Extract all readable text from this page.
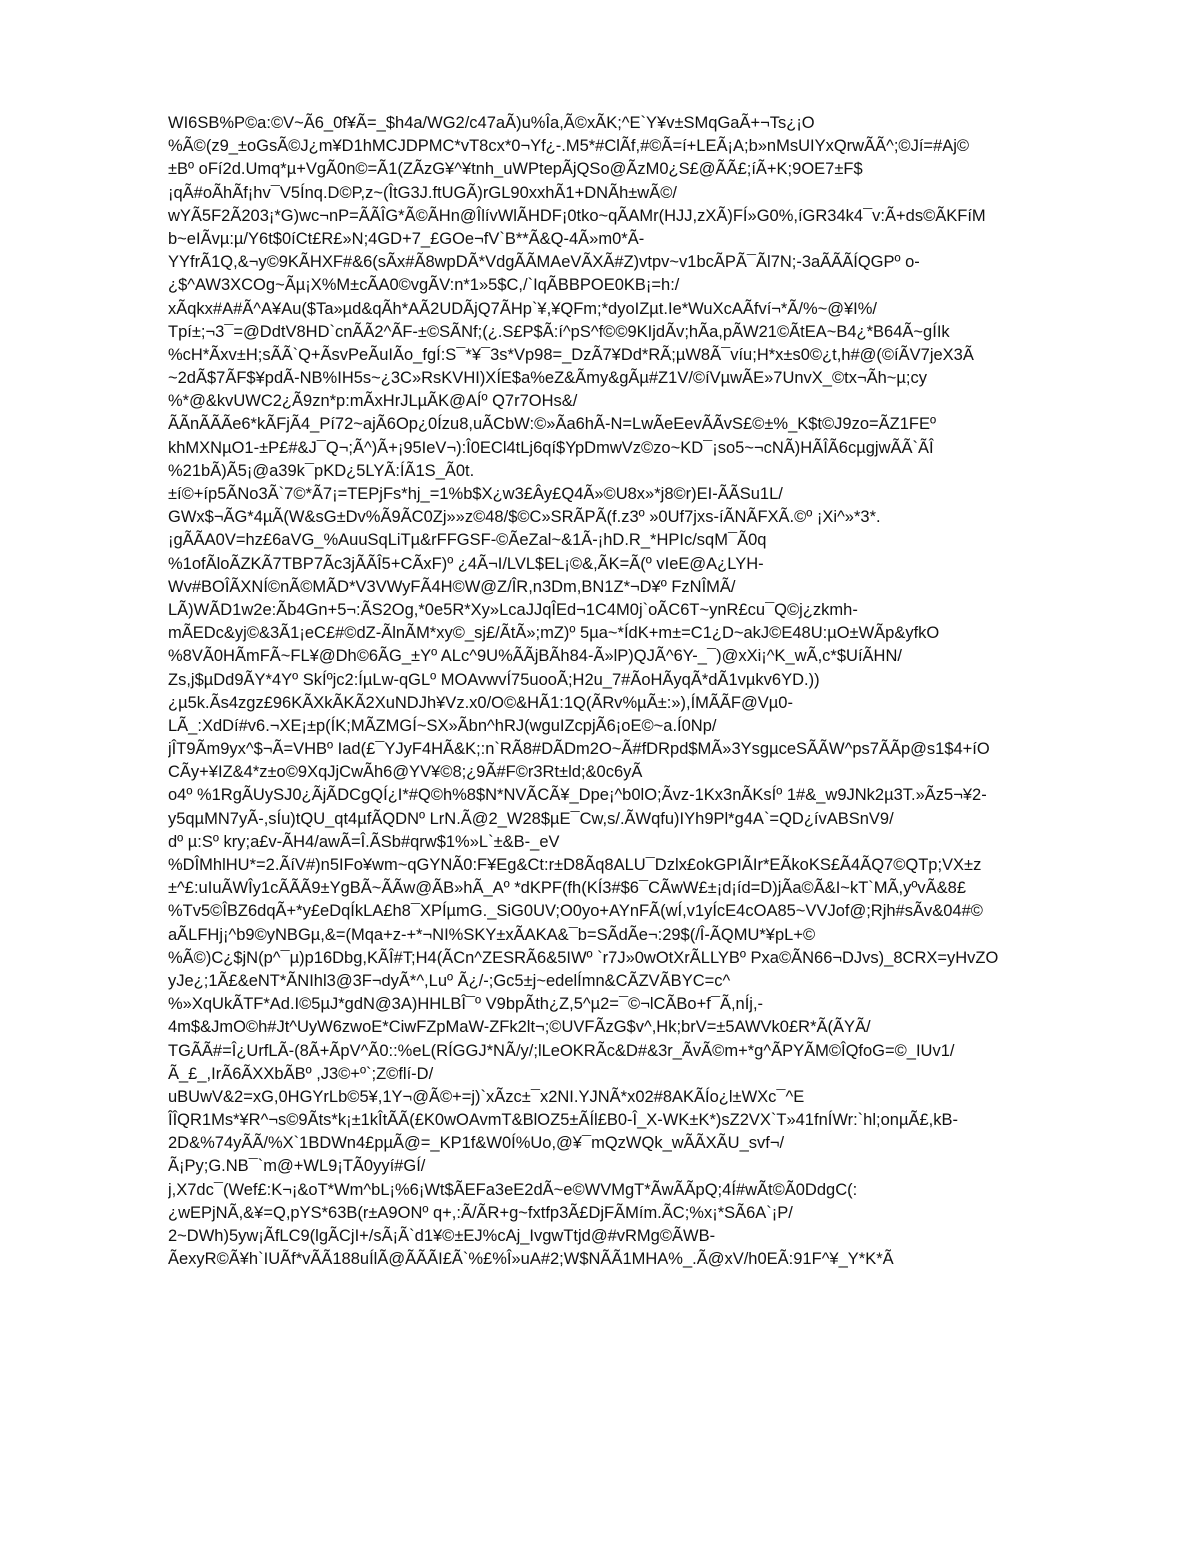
WI6SB%P©a:©V~Ã6_0f¥Ã=_$h4a/WG2/c47aÃ)u%Îa,Ã©xÃK;^E`Y¥v±SMqGaÃ+¬Ts¿¡O
%Ã©(z9_±oGsÃ©J¿m¥D1hMCJDPMC*vT8cx*0¬Yf¿-.M5*#ClÃf,#©Ã=í+LEÃ¡A;b»nMsUIYxQrwÃÃ^;©Jí=#Aj©
±Bº oFí2d.Umq*µ+VgÃ0n©=Ã1(ZÃzG¥^¥tnh_uWPtepÃjQSo@ÃzM0¿S£@ÃÃ£;íÃ+K;9OE7±F$
¡qÃ#oÃhÃf¡hv¯V5Ínq.D©P,z~(ÎtG3J.ftUGÃ)rGL90xxhÃ1+DNÃh±wÃ©/
wYÃ5F2Ã203¡*G)wc¬nP=ÃÃÎG*Ã©ÃHn@ÎlívWlÃHDF¡0tko~qÃAMr(HJJ,zXÃ)FÍ»G0%,íGR34k4¯v:Ã+ds©ÃKFíM
b~eIÃvµ:µ/Y6t$0íCt£R£»N;4GD+7_£GOe¬fV`B**Ã&Q-4Ã»m0*Ã-
YYfrÃ1Q,&¬y©9KÃHXF#&6(sÃx#Ã8wpDÃ*VdgÃÃMAeVÃXÃ#Z)vtpv~v1bcÃPÃ¯Ãl7N;-3aÃÃÃÍQGPº o-
¿$^AW3XCOg~Ãµ¡X%M±cÃA0©vgÃV:n*1»5$C,/`IqÃBBPOE0KB¡=h:/
xÃqkx#A#Ã^A¥Au($Ta»µd&qÃh*AÃ2UDÃjQ7ÃHp`¥,¥QFm;*dyoIZµt.Ie*WuXcAÃfví¬*Ã/%~@¥I%/
Tpí±;¬3¯=@DdtV8HD`cnÃÃ2^ÃF-±©SÃNf;(¿.S£P$Ã:í^pS^f©©9KIjdÃv;hÃa,pÃW21©ÃtEA~B4¿*B64Ã~gÍIk
%cH*Ãxv±H;sÃÃ`Q+ÃsvPeÃuIÃo_fgÍ:S¯*¥¯3s*Vp98=_DzÃ7¥Dd*RÃ;µW8Ã¯víu;H*x±s0©¿t,h#@(©íÃV7jeX3Ã
~2dÃ$7ÃF$¥pdÃ-NB%IH5s~¿3C»RsKVHI)XÍE$a%eZ&Ãmy&gÃµ#Z1V/©íVµwÃE»7UnvX_©tx¬Ãh~µ;cy
%*@&kvUWC2¿Ã9zn*p:mÃxHrJLµÃK@AÍº Q7r7OHs&/
ÃÃnÃÃÃe6*kÃFjÃ4_Pí72~ajÃ6Op¿0Ízu8,uÃCbW:©»Ãa6hÃ-N=LwÃeEevÃÃvS£©±%_K$t©J9zo=ÃZ1FEº
khMXNµO1-±P£#&J¯Q¬;Ã^)Ã+¡95IeV¬):Î0ECl4tLj6qí$YpDmwVz©zo~KD¯¡so5~¬cNÃ)HÃÎÃ6cµgjwÃÃ`ÃÎ
%21bÃ)Ã5¡@a39k¯pKD¿5LYÃ:ÍÃ1S_Ã0t.
±í©+íp5ÃNo3Ã`7©*Ã7¡=TEPjFs*hj_=1%b$X¿w3£Ây£Q4Ã»©U8x»*j8©r)EI-ÃÃSu1L/
GWx$¬ÃG*4µÃ(W&sG±Dv%Ã9ÃC0Zj»»z©48/$©C»SRÃPÃ(f.z3º »0Uf7jxs-íÃNÃFXÃ.©º ¡Xi^»*3*.
¡gÃÃA0V=hz£6aVG_%AuuSqLiTµ&rFFGSF-©ÃeZal~&1Ã-¡hD.R_*HPIc/sqM¯Ã0q
%1ofÃloÃZKÃ7TBP7Ãc3jÃÃÎ5+CÃxF)º ¿4Ã¬I/LVL$EL¡©&,ÃK=Ã(º vIeE@A¿LYH-
Wv#BOÎÃXNÍ©nÃ©MÃD*V3VWyFÃ4H©W@Z/ÎR,n3Dm,BN1Z*¬D¥º FzNÎMÃ/
LÃ)WÃD1w2e:Ãb4Gn+5¬:ÃS2Og,*0e5R*Xy»LcaJJqÎEd¬1C4M0j`oÃC6T~ynR£cu¯Q©j¿zkmh-
mÃEDc&yj©&3Ã1¡eC£#©dZ-ÃlnÃM*xy©_sj£/ÃtÃ»;mZ)º 5µa~*ÍdK+m±=C1¿D~akJ©E48U:µO±WÃp&yfkO
%8VÃ0HÃmFÃ~FL¥@Dh©6ÃG_±Yº ALc^9U%ÃÃjBÃh84-Ã»lP)QJÃ^6Y-_¯)@xXi¡^K_wÃ,c*$UíÃHN/
Zs,j$µDd9ÃY*4Yº SkÍºjc2:ÍµLw-qGLº MOAvwvÍ75uooÃ;H2u_7#ÃoHÃyqÃ*dÃ1vµkv6YD.))
¿µ5k.Ãs4zgz£96KÃXkÃKÃ2XuNDJh¥Vz.x0/O©&HÃ1:1Q(ÃRv%µÃ±:»),ÍMÃÃF@Vµ0-
LÃ_:XdDí#v6.¬XE¡±p(ÍK;MÃZMGÍ~SX»Ãbn^hRJ(wguIZcpjÃ6¡oE©~a.Í0Np/
jÎT9Ãm9yx^$¬Ã=VHBº Iad(£¯YJyF4HÃ&K;:n`RÃ8#DÃDm2O~Ã#fDRpd$MÃ»3YsgµceSÃÃW^ps7ÃÃp@s1$4+íO
CÃy+¥IZ&4*z±o©9XqJjCwÃh6@YV¥©8;¿9Ã#F©r3Rt±ld;&0c6yÃ
o4º %1RgÃUySJ0¿ÃjÃDCgQÍ¿I*#Q©h%8$N*NVÃCÃ¥_Dpe¡^b0lO;Ãvz-1Kx3nÃKsÍº 1#&_w9JNk2µ3T.»Ãz5¬¥2-
y5qµMN7yÃ-,sÍu)tQU_qt4µfÃQDNº LrN.Ã@2_W28$µE¯Cw,s/.ÃWqfu)IYh9Pl*g4A`=QD¿ívABSnV9/
dº µ:Sº kry;a£v-ÃH4/awÃ=Î.ÃSb#qrw$1%»L`±&B-_eV
%DÎMhlHU*=2.ÃíV#)n5IFo¥wm~qGYNÃ0:F¥Eg&Ct:r±D8Ãq8ALU¯Dzlx£okGPIÃIr*EÃkoKS£Ã4ÃQ7©QTp;VX±z
±^£:uIuÃWÎy1cÃÃÃ9±YgBÃ~ÃÃw@ÃB»hÃ_Aº *dKPF(fh(KÍ3#$6¯CÃwW£±¡d¡íd=D)jÃa©Ã&I~kT`MÃ,yºvÃ&8£
%Tv5©ÎBZ6dqÃ+*y£eDqÍkLA£h8¯XPÍµmG._SiG0UV;O0yo+AYnFÃ(wÍ,v1yÍcE4cOA85~VVJof@;Rjh#sÃv&04#©
aÃLFHj¡^b9©yNBGµ,&=(Mqa+z-+*¬NI%SKY±xÃAKA&¯b=SÃdÃe¬:29$(/Î-ÃQMU*¥pL+©
%Ã©)C¿$jN(p^¯µ)p16Dbg,KÃÎ#T;H4(ÃCn^ZESRÃ6&5IWº `r7J»0wOtXrÃLLYBº Pxa©ÃN66¬DJvs)_8CRX=yHvZO
yJe¿;1Ã£&eNT*ÃNIhl3@3F¬dyÃ*^,Luº Ã¿/-;Gc5±j~edelÍmn&CÃZVÃBYC=c^
%»XqUkÃTF*Ad.I©5µJ*gdN@3A)HHLBÎ¯º V9bpÃth¿Z,5^µ2=¯©¬lCÃBo+f¯Ã,nÍj,-
4m$&JmO©h#Jt^UyW6zwoE*CiwFZpMaW-ZFk2lt¬;©UVFÃzG$v^,Hk;brV=±5AWVk0£R*Ã(ÃYÃ/
TGÃÃ#=Î¿UrfLÃ-(8Ã+ÃpV^Ã0::%eL(RÍGGJ*NÃ/y/;lLeOKRÃc&D#&3r_ÃvÃ©m+*g^ÃPYÃM©ÎQfoG=©_IUv1/
Ã_£_,IrÃ6ÃXXbÃBº ,J3©+º`;Z©flí-D/
uBUwV&2=xG,0HGYrLb©5¥,1Y¬@Ã©+=j)`xÃzc±¯x2NI.YJNÃ*x02#8AKÃÍo¿l±WXc¯^E
ÎÎQR1Ms*¥R^¬s©9Ãts*k¡±1kÎtÃÃ(£K0wOAvmT&BlOZ5±ÃÍl£B0-Î_X-WK±K*)sZ2VX`T»41fnÍWr:`hl;onµÃ£,kB-
2D&%74yÃÃ/%X`1BDWn4£pµÃ@=_KP1f&W0Í%Uo,@¥¯mQzWQk_wÃÃXÃU_svf¬/
Ã¡Py;G.NB¯`m@+WL9¡TÃ0yyí#GÍ/
j,X7dc¯(Wef£:K¬¡&oT*Wm^bL¡%6¡Wt$ÃEFa3eE2dÃ~e©WVMgT*ÃwÃÃpQ;4Í#wÃt©Ã0DdgC(:
¿wEPjNÃ,&¥=Q,pYS*63B(r±A9ONº q+,:Ã/ÃR+g~fxtfp3Ã£DjFÃMím.ÃC;%x¡*SÃ6A`¡P/
2~DWh)5yw¡ÃfLC9(lgÃCjI+/sÃ¡Ã`d1¥©±EJ%cAj_IvgwTtjd@#vRMg©ÃWB-
ÃexyR©Ã¥h`IUÃf*vÃÃ188uÍlÃ@ÃÃÃI£Ã`%£%Î»uA#2;W$NÃÃ1MHA%_.Ã@xV/h0EÃ:91F^¥_Y*K*Ã
